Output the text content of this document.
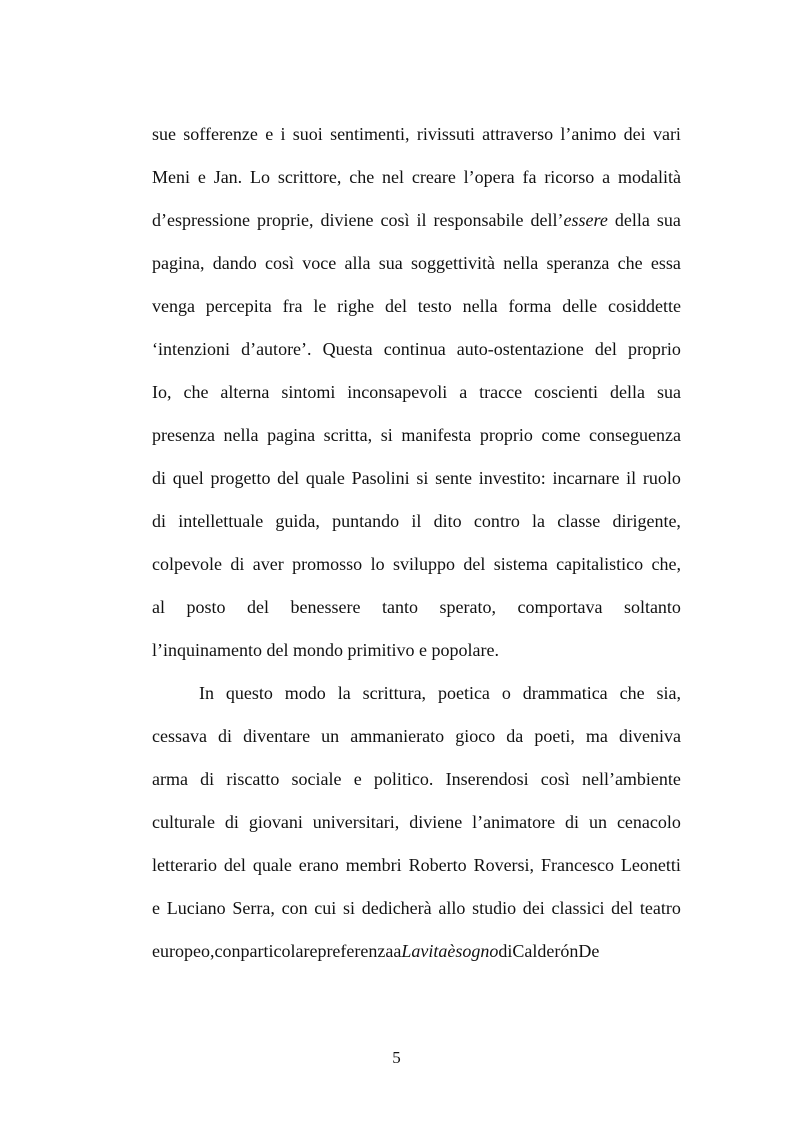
sue sofferenze e i suoi sentimenti, rivissuti attraverso l’animo dei vari
Meni e Jan. Lo scrittore, che nel creare l’opera fa ricorso a modalità
d’espressione proprie, diviene così il responsabile dell’essere della sua
pagina, dando così voce alla sua soggettività nella speranza che essa
venga percepita fra le righe del testo nella forma delle cosiddette
‘intenzioni d’autore’. Questa continua auto-ostentazione del proprio
Io, che alterna sintomi inconsapevoli a tracce coscienti della sua
presenza nella pagina scritta, si manifesta proprio come conseguenza
di quel progetto del quale Pasolini si sente investito: incarnare il ruolo
di intellettuale guida, puntando il dito contro la classe dirigente,
colpevole di aver promosso lo sviluppo del sistema capitalistico che,
al posto del benessere tanto sperato, comportava soltanto
l’inquinamento
del
mondo
primitivo
e
popolare.
In questo modo la scrittura, poetica o drammatica che sia,
cessava di diventare un ammanierato gioco da poeti, ma diveniva
arma di riscatto sociale e politico. Inserendosi così nell’ambiente
culturale di giovani universitari, diviene l’animatore di un cenacolo
letterario del quale erano membri Roberto Roversi, Francesco Leonetti
e Luciano Serra, con cui si dedicherà allo studio dei classici del teatro
europeo, con particolare preferenza a La vita è sogno di Calderón De
5
